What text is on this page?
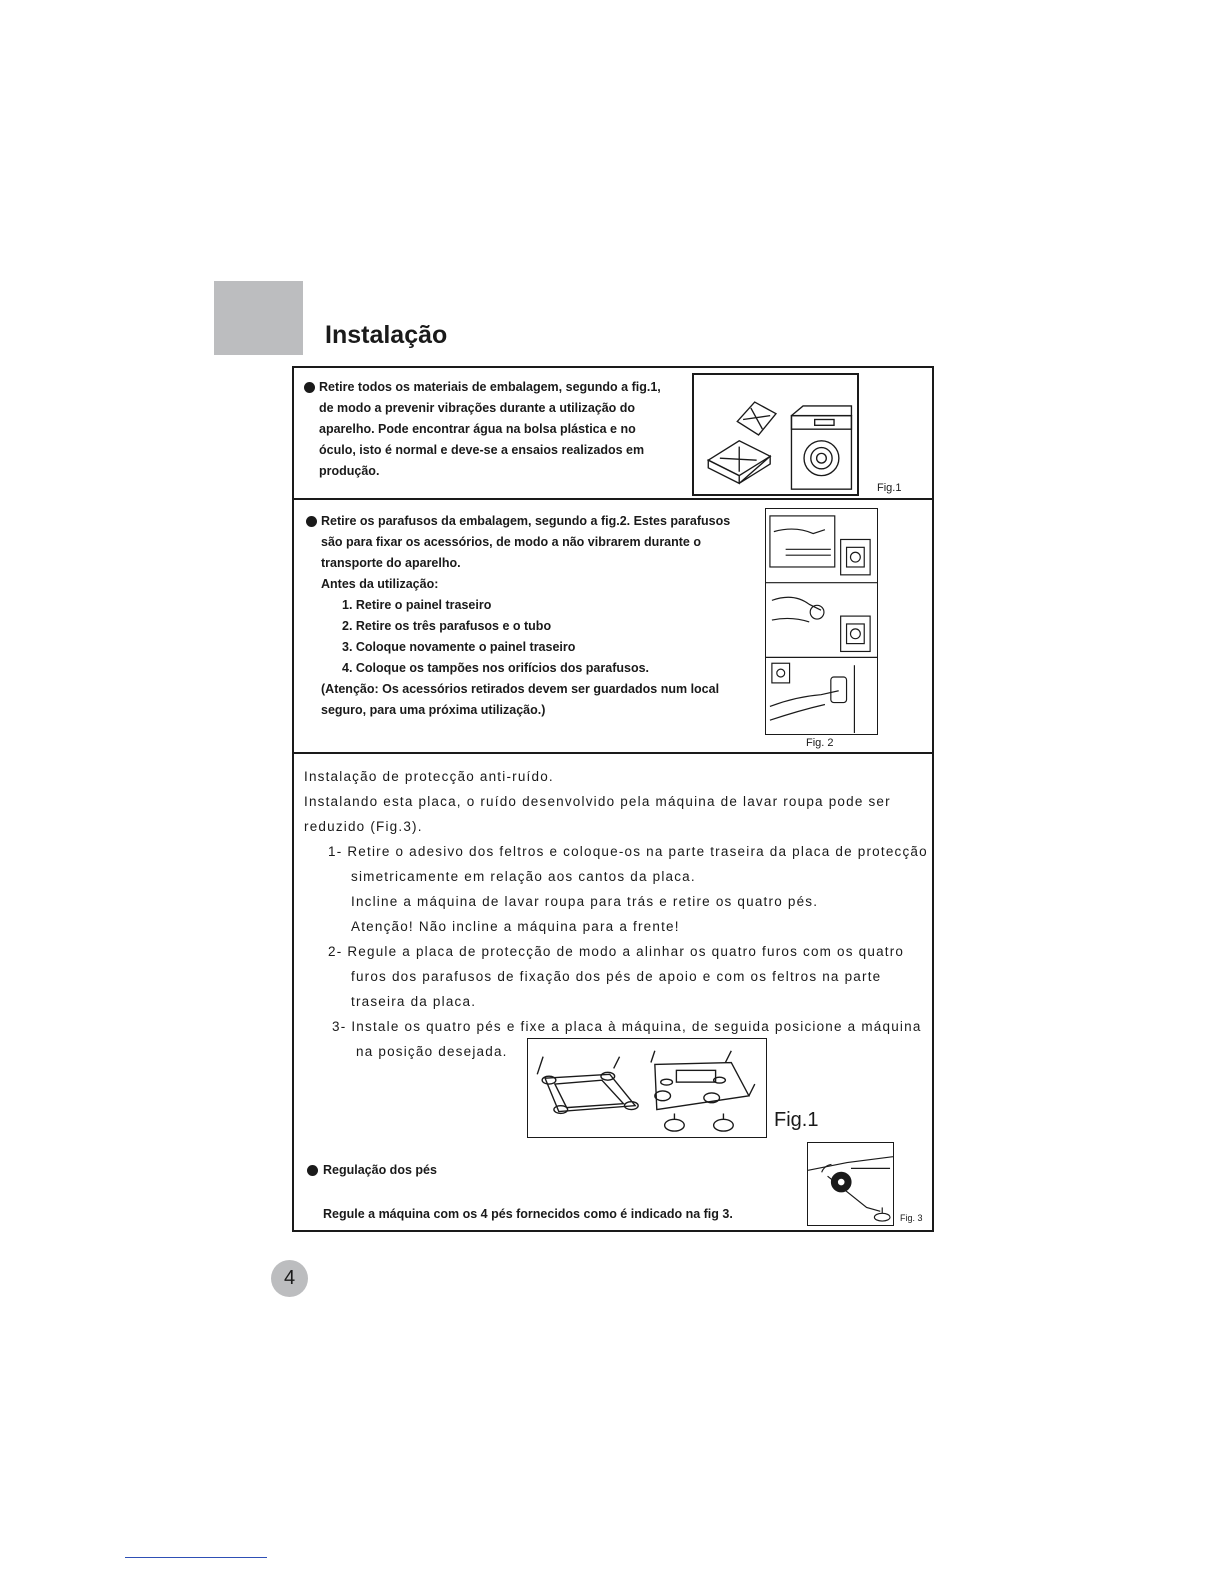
Instalação
Retire todos os materiais de embalagem, segundo a fig.1,
de modo a prevenir vibrações durante a utilização do
aparelho. Pode encontrar água na bolsa plástica e no
óculo, isto é normal e deve-se a ensaios realizados em
produção.
Fig.1
Retire os parafusos da embalagem, segundo a fig.2. Estes parafusos
são para fixar os acessórios, de modo a não vibrarem durante o
transporte do aparelho.
Antes da utilização:
1. Retire o painel traseiro
2. Retire os três parafusos e o tubo
3. Coloque novamente o painel traseiro
4. Coloque os tampões nos orifícios dos parafusos.
(Atenção: Os acessórios retirados devem ser guardados num local
seguro, para uma próxima utilização.)
Fig. 2
Instalação de protecção anti-ruído.
Instalando esta placa, o ruído desenvolvido pela máquina de lavar roupa pode ser
reduzido (Fig.3).
1- Retire o adesivo dos feltros e coloque-os na parte traseira da placa de protecção
simetricamente em relação aos cantos da placa.
Incline a máquina de lavar roupa para trás e retire os quatro pés.
Atenção! Não incline a máquina para a frente!
2- Regule a placa de protecção de modo a alinhar os quatro furos com os quatro
furos dos parafusos de fixação dos pés de apoio e com os feltros na parte
traseira da placa.
3- Instale os quatro pés e fixe a placa à máquina, de seguida posicione a máquina
na posição desejada.
Fig.1
Regulação dos pés
Regule a máquina com os 4 pés fornecidos como é indicado na fig 3.	Fig. 3
4
